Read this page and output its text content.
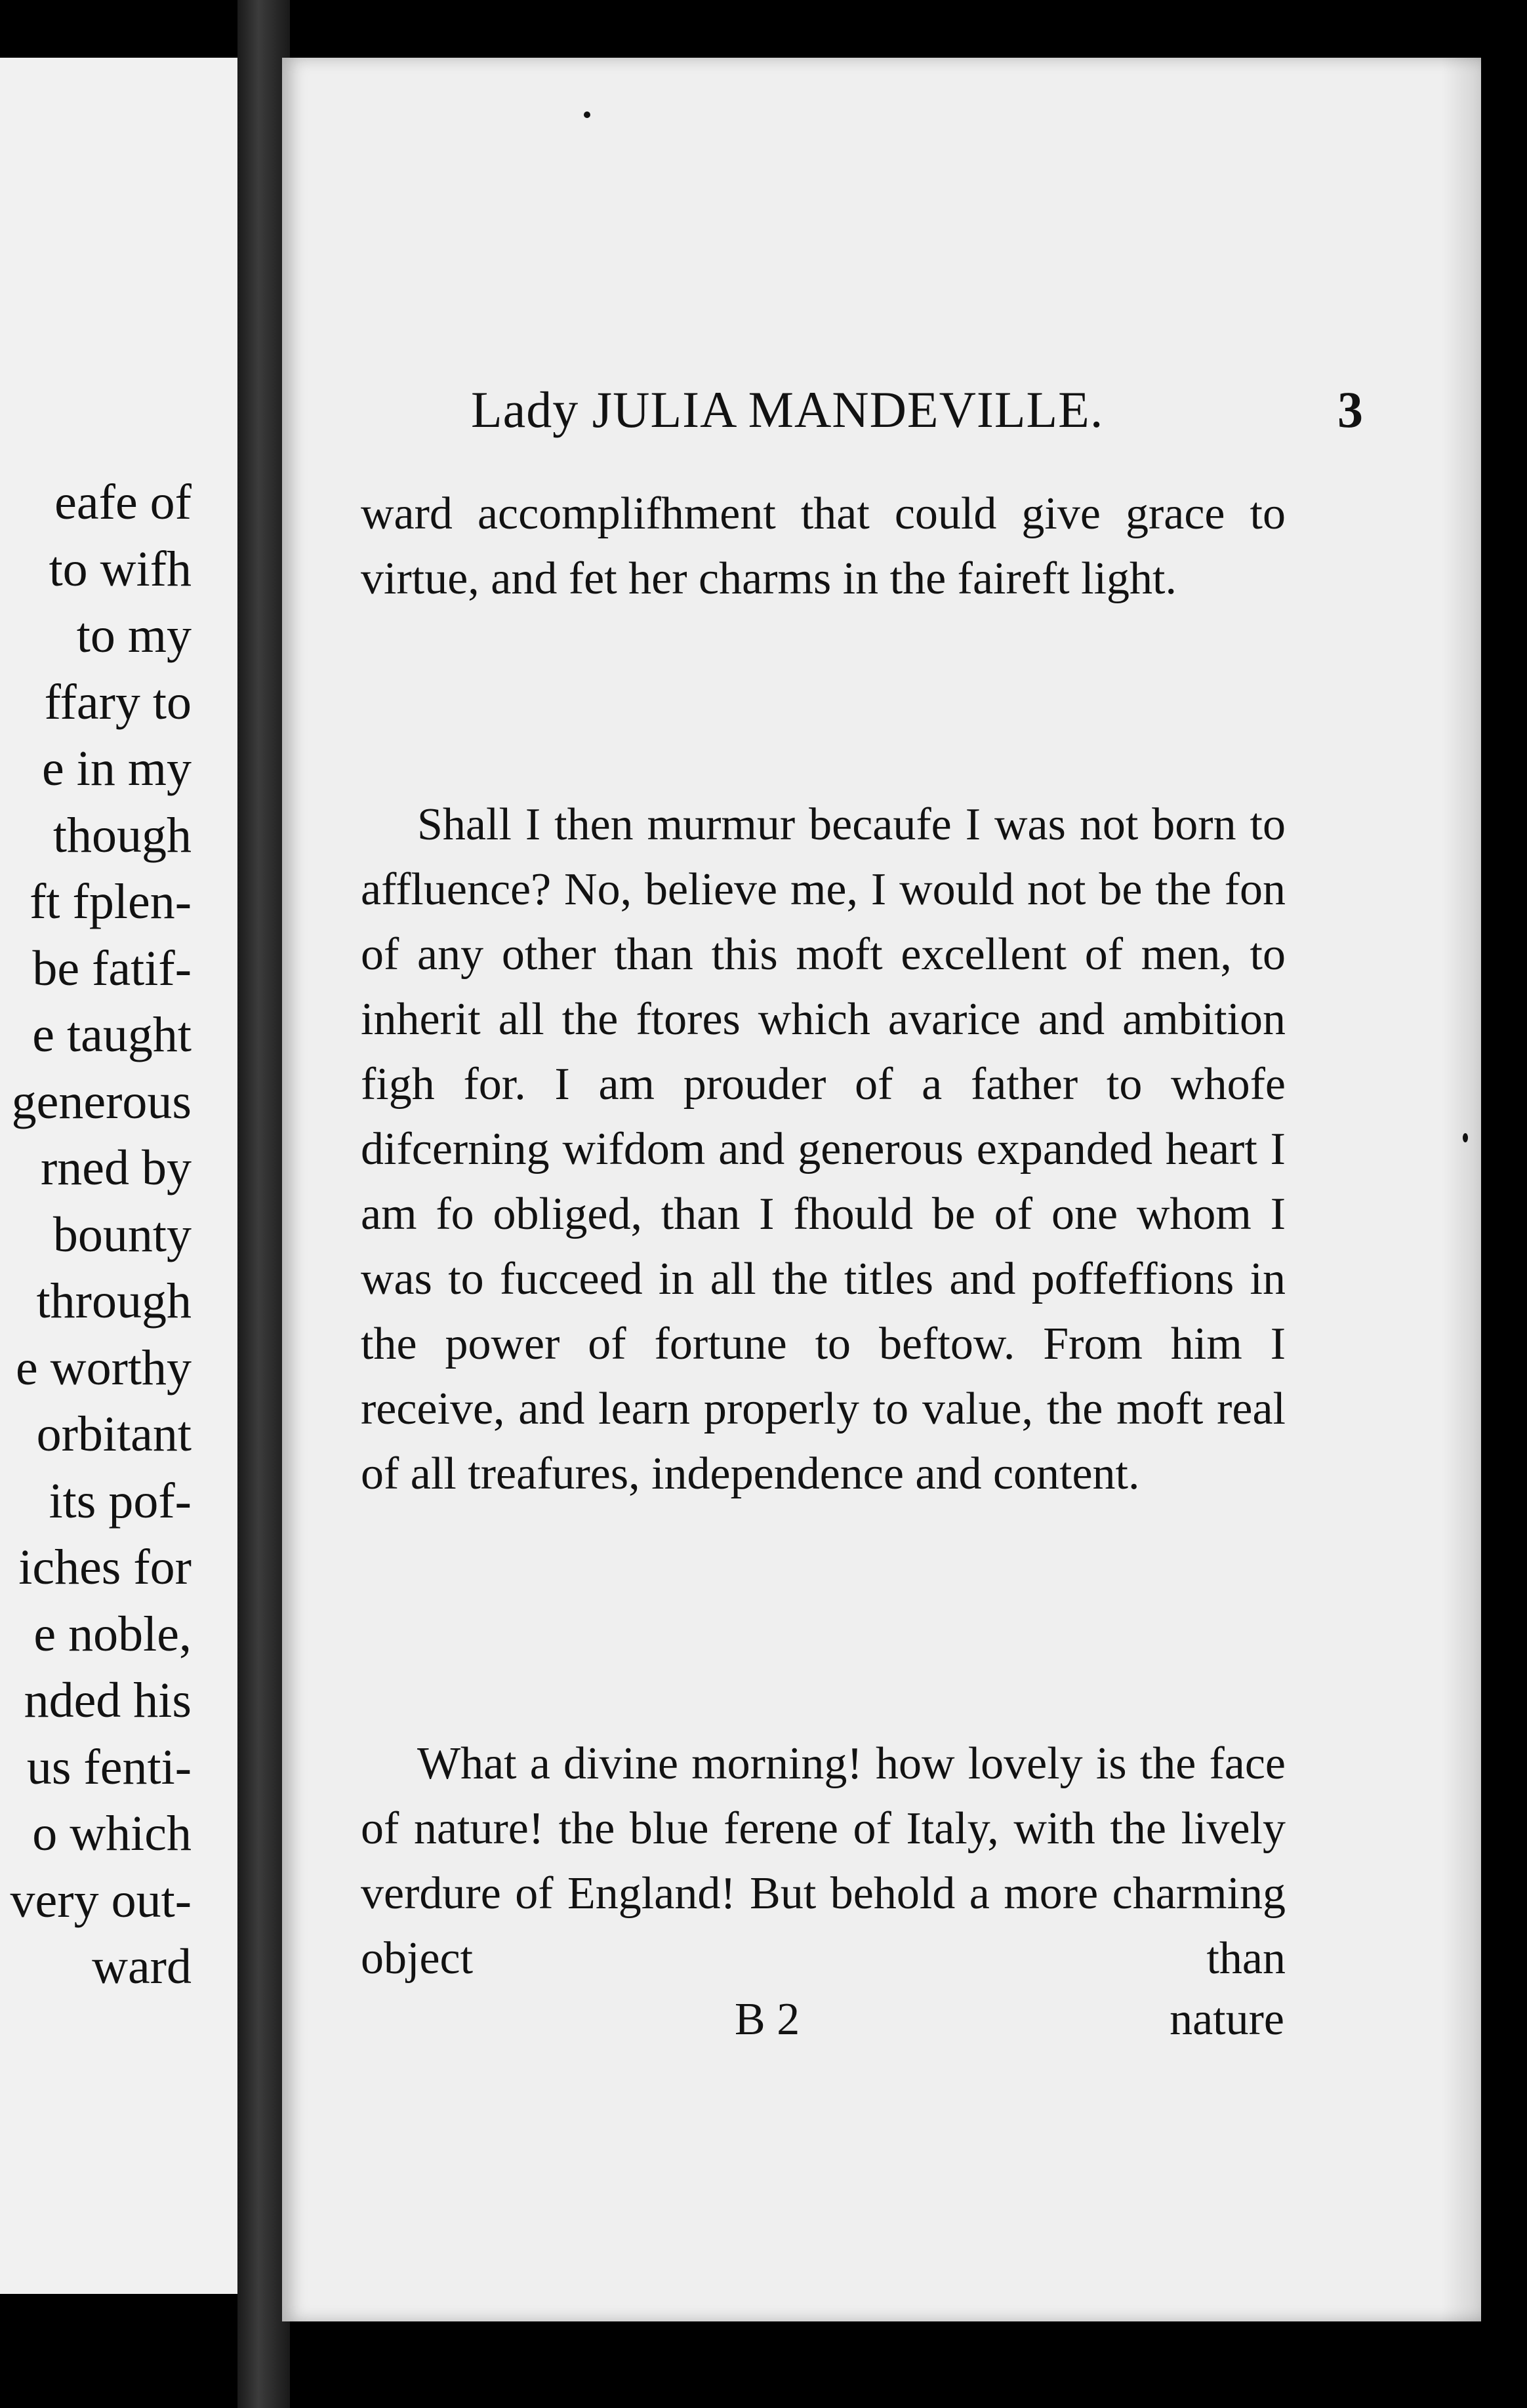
eafe of
to wifh
to my
ffary to
e in my
though
ft fplen-
be fatif-
e taught
generous
rned by
bounty
through
e worthy
orbitant
its pof-
iches for
e noble,
nded his
us fenti-
o which
very out-
ward
Lady JULIA MANDEVILLE.	3

ward accomplifhment that could give grace to virtue, and fet her charms in the faireft light.

Shall I then murmur becaufe I was not born to affluence? No, believe me, I would not be the fon of any other than this moft excellent of men, to inherit all the ftores which avarice and ambition figh for. I am prouder of a father to whofe difcerning wifdom and generous expanded heart I am fo obliged, than I fhould be of one whom I was to fucceed in all the titles and poffeffions in the power of fortune to beftow. From him I receive, and learn properly to value, the moft real of all treafures, independence and content.

What a divine morning! how lovely is the face of nature! the blue ferene of Italy, with the lively verdure of England! But behold a more charming object than

B 2	nature
